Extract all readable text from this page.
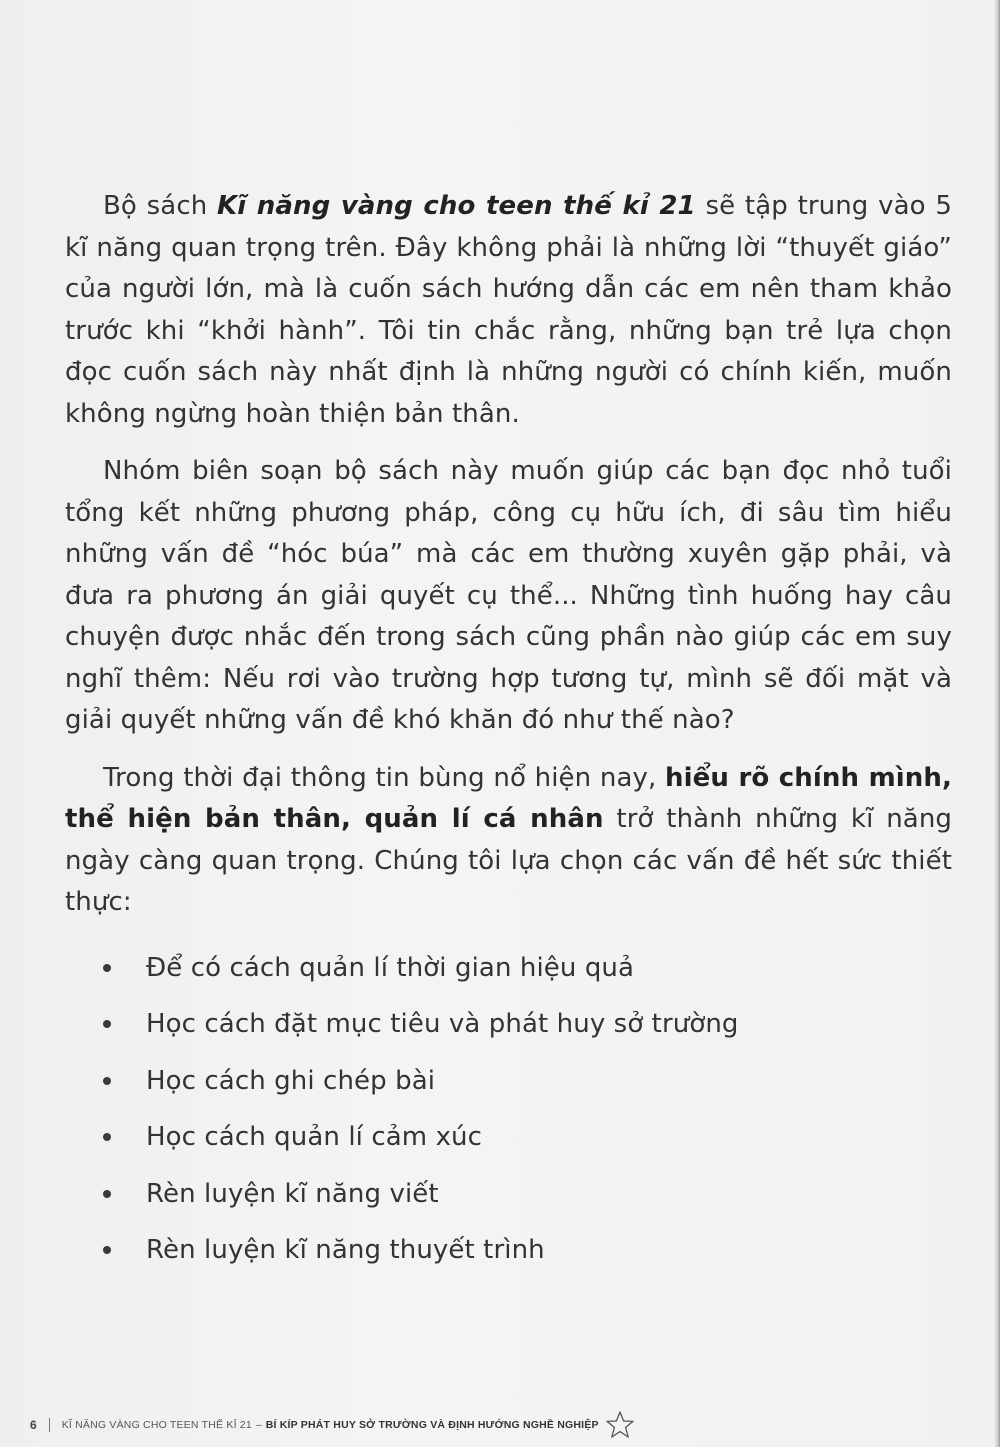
Bộ sách Kĩ năng vàng cho teen thế kỉ 21 sẽ tập trung vào 5 kĩ năng quan trọng trên. Đây không phải là những lời “thuyết giáo” của người lớn, mà là cuốn sách hướng dẫn các em nên tham khảo trước khi “khởi hành”. Tôi tin chắc rằng, những bạn trẻ lựa chọn đọc cuốn sách này nhất định là những người có chính kiến, muốn không ngừng hoàn thiện bản thân.

Nhóm biên soạn bộ sách này muốn giúp các bạn đọc nhỏ tuổi tổng kết những phương pháp, công cụ hữu ích, đi sâu tìm hiểu những vấn đề “hóc búa” mà các em thường xuyên gặp phải, và đưa ra phương án giải quyết cụ thể... Những tình huống hay câu chuyện được nhắc đến trong sách cũng phần nào giúp các em suy nghĩ thêm: Nếu rơi vào trường hợp tương tự, mình sẽ đối mặt và giải quyết những vấn đề khó khăn đó như thế nào?

Trong thời đại thông tin bùng nổ hiện nay, hiểu rõ chính mình, thể hiện bản thân, quản lí cá nhân trở thành những kĩ năng ngày càng quan trọng. Chúng tôi lựa chọn các vấn đề hết sức thiết thực:

Để có cách quản lí thời gian hiệu quả
Học cách đặt mục tiêu và phát huy sở trường
Học cách ghi chép bài
Học cách quản lí cảm xúc
Rèn luyện kĩ năng viết
Rèn luyện kĩ năng thuyết trình
6 KĨ NĂNG VÀNG CHO TEEN THẾ KỈ 21 – BÍ KÍP PHÁT HUY SỞ TRƯỜNG VÀ ĐỊNH HƯỚNG NGHỀ NGHIỆP
